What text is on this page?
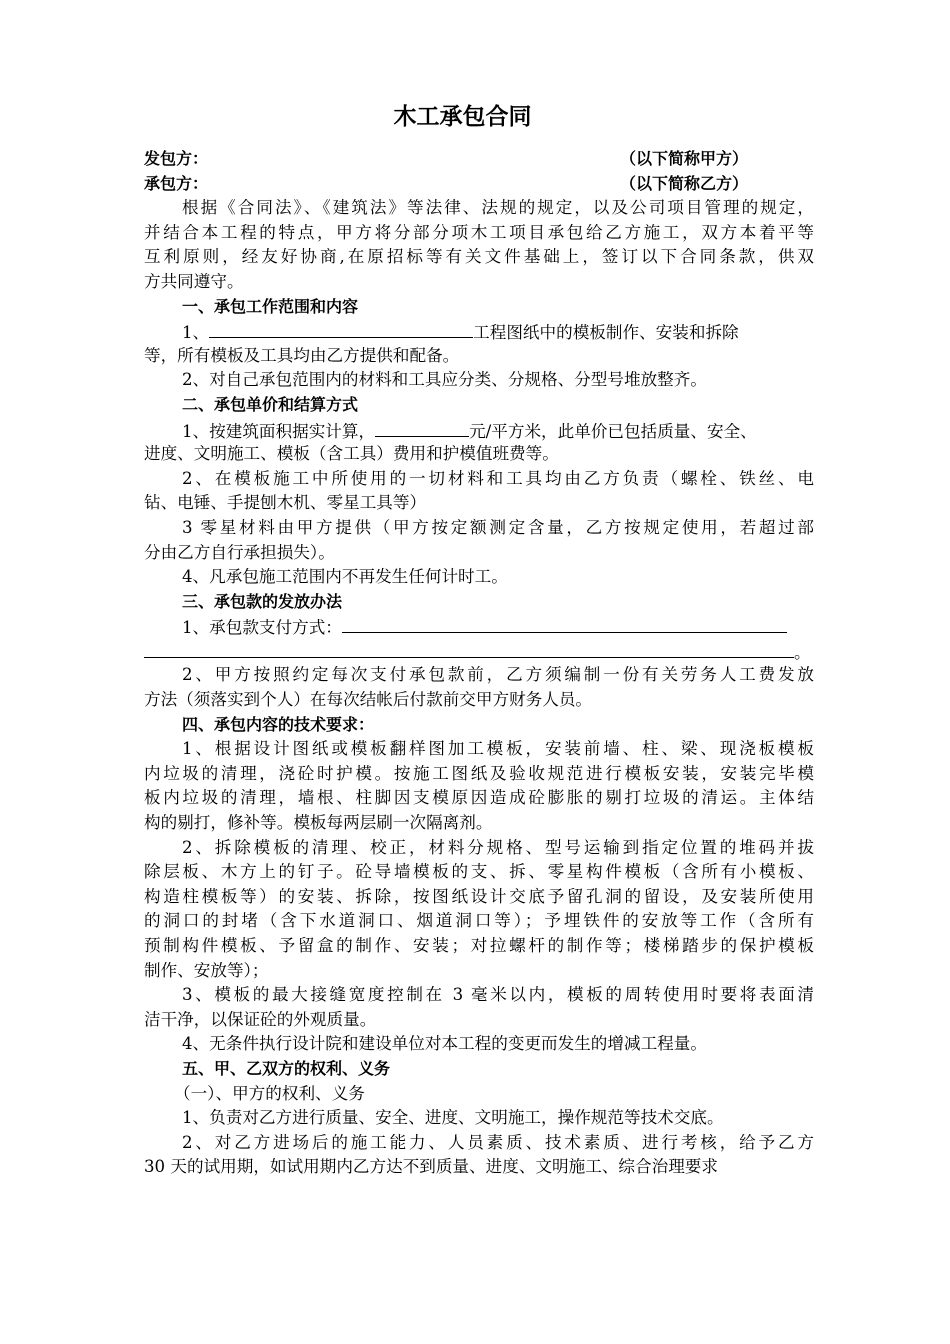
木工承包合同
发包方：	（以下简称甲方）
承包方：	（以下简称乙方）
根据《合同法》、《建筑法》等法律、法规的规定，以及公司项目管理的规定，
并结合本工程的特点，甲方将分部分项木工项目承包给乙方施工，双方本着平等
互利原则，经友好协商,在原招标等有关文件基础上，签订以下合同条款，供双
方共同遵守。
一、承包工作范围和内容
1、	工程图纸中的模板制作、安装和拆除
等，所有模板及工具均由乙方提供和配备。
2、对自己承包范围内的材料和工具应分类、分规格、分型号堆放整齐。
二、承包单价和结算方式
1、按建筑面积据实计算，	元/平方米，此单价已包括质量、安全、
进度、文明施工、模板（含工具）费用和护模值班费等。
2、在模板施工中所使用的一切材料和工具均由乙方负责（螺栓、铁丝、电
钻、电锤、手提刨木机、零星工具等）
3 零星材料由甲方提供（甲方按定额测定含量，乙方按规定使用，若超过部
分由乙方自行承担损失）。
4、凡承包施工范围内不再发生任何计时工。
三、承包款的发放办法
1、承包款支付方式：
。
2、甲方按照约定每次支付承包款前，乙方须编制一份有关劳务人工费发放
方法（须落实到个人）在每次结帐后付款前交甲方财务人员。
四、承包内容的技术要求：
1、根据设计图纸或模板翻样图加工模板，安装前墙、柱、梁、现浇板模板
内垃圾的清理，浇砼时护模。按施工图纸及验收规范进行模板安装，安装完毕模
板内垃圾的清理，墙根、柱脚因支模原因造成砼膨胀的剔打垃圾的清运。主体结
构的剔打，修补等。模板每两层刷一次隔离剂。
2、拆除模板的清理、校正，材料分规格、型号运输到指定位置的堆码并拔
除层板、木方上的钉子。砼导墙模板的支、拆、零星构件模板（含所有小模板、
构造柱模板等）的安装、拆除，按图纸设计交底予留孔洞的留设，及安装所使用
的洞口的封堵（含下水道洞口、烟道洞口等）；予埋铁件的安放等工作（含所有
预制构件模板、予留盒的制作、安装；对拉螺杆的制作等；楼梯踏步的保护模板
制作、安放等）；
3、模板的最大接缝宽度控制在 3 毫米以内，模板的周转使用时要将表面清
洁干净，以保证砼的外观质量。
4、无条件执行设计院和建设单位对本工程的变更而发生的增减工程量。
五、甲、乙双方的权利、义务
（一）、甲方的权利、义务
1、负责对乙方进行质量、安全、进度、文明施工，操作规范等技术交底。
2、对乙方进场后的施工能力、人员素质、技术素质、进行考核，给予乙方
30 天的试用期，如试用期内乙方达不到质量、进度、文明施工、综合治理要求
